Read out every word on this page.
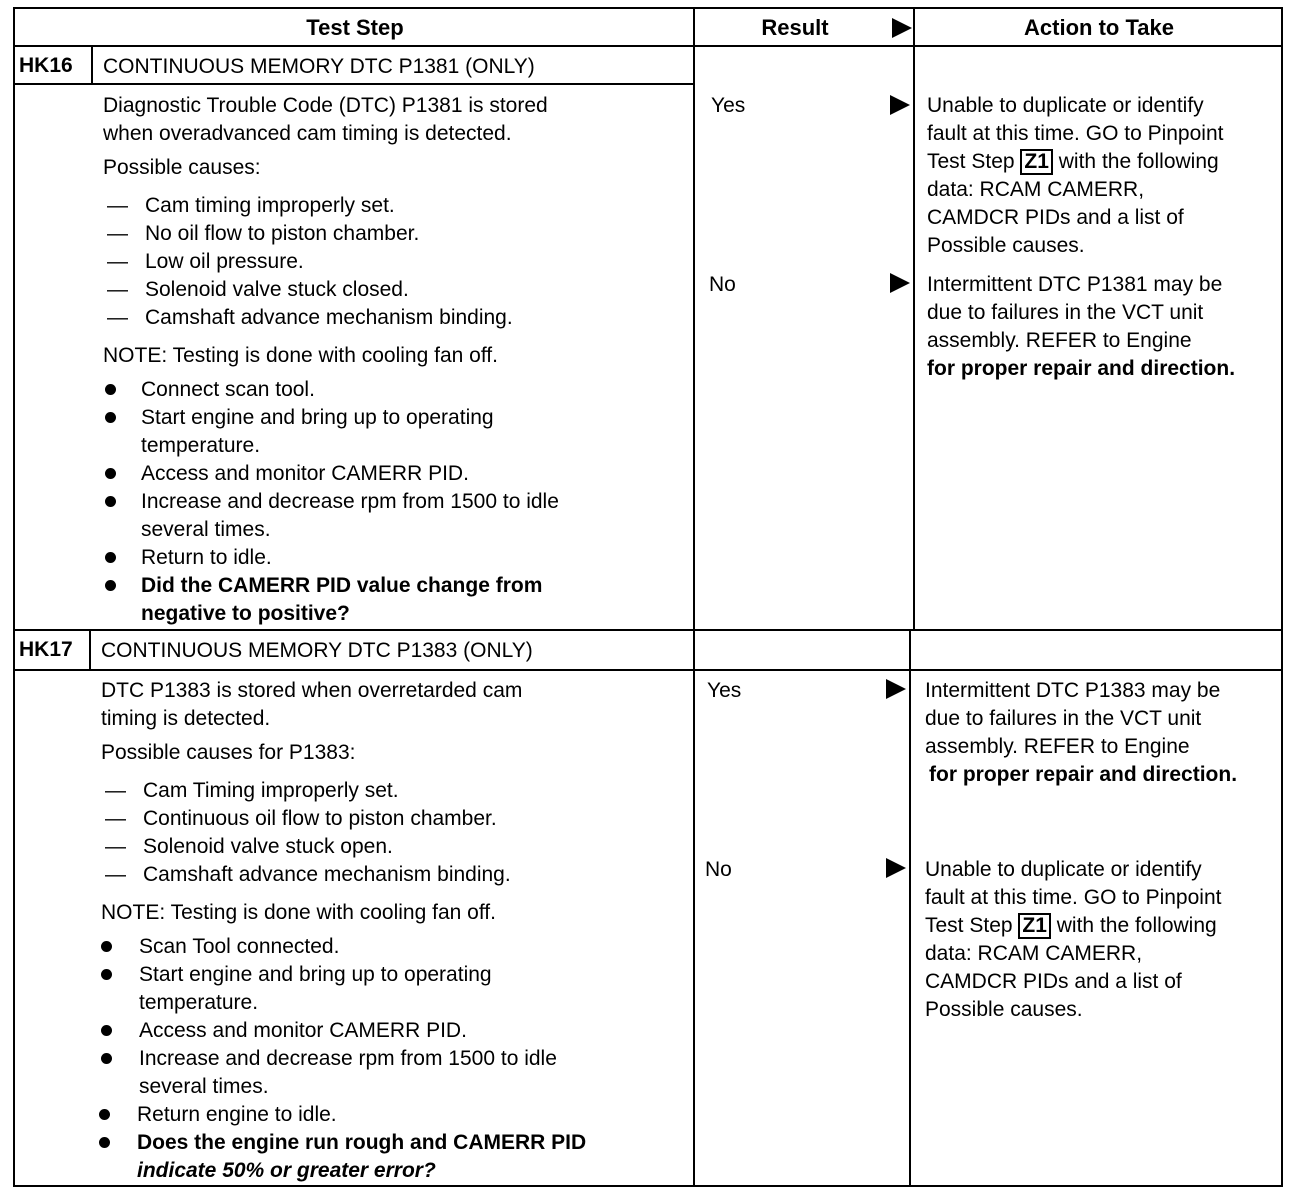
Test Step	Result	Action to Take
HK16 CONTINUOUS MEMORY DTC P1381 (ONLY)
Diagnostic Trouble Code (DTC) P1381 is stored
when overadvanced cam timing is detected.
Possible causes:
— Cam timing improperly set.
— No oil flow to piston chamber.
— Low oil pressure.
— Solenoid valve stuck closed.
— Camshaft advance mechanism binding.
NOTE: Testing is done with cooling fan off.
Connect scan tool.
Start engine and bring up to operating
temperature.
Access and monitor CAMERR PID.
Increase and decrease rpm from 1500 to idle
several times.
Return to idle.
Did the CAMERR PID value change from
negative to positive?
Yes
No
Unable to duplicate or identify
fault at this time. GO to Pinpoint
Test Step Z1 with the following
data: RCAM CAMERR,
CAMDCR PIDs and a list of
Possible causes.
Intermittent DTC P1381 may be
due to failures in the VCT unit
assembly. REFER to Engine
for proper repair and direction.
HK17 CONTINUOUS MEMORY DTC P1383 (ONLY)
DTC P1383 is stored when overretarded cam
timing is detected.
Possible causes for P1383:
— Cam Timing improperly set.
— Continuous oil flow to piston chamber.
— Solenoid valve stuck open.
— Camshaft advance mechanism binding.
NOTE: Testing is done with cooling fan off.
Scan Tool connected.
Start engine and bring up to operating
temperature.
Access and monitor CAMERR PID.
Increase and decrease rpm from 1500 to idle
several times.
Return engine to idle.
Does the engine run rough and CAMERR PID
indicate 50% or greater error?
Yes
No
Intermittent DTC P1383 may be
due to failures in the VCT unit
assembly. REFER to Engine
for proper repair and direction.
Unable to duplicate or identify
fault at this time. GO to Pinpoint
Test Step Z1 with the following
data: RCAM CAMERR,
CAMDCR PIDs and a list of
Possible causes.
